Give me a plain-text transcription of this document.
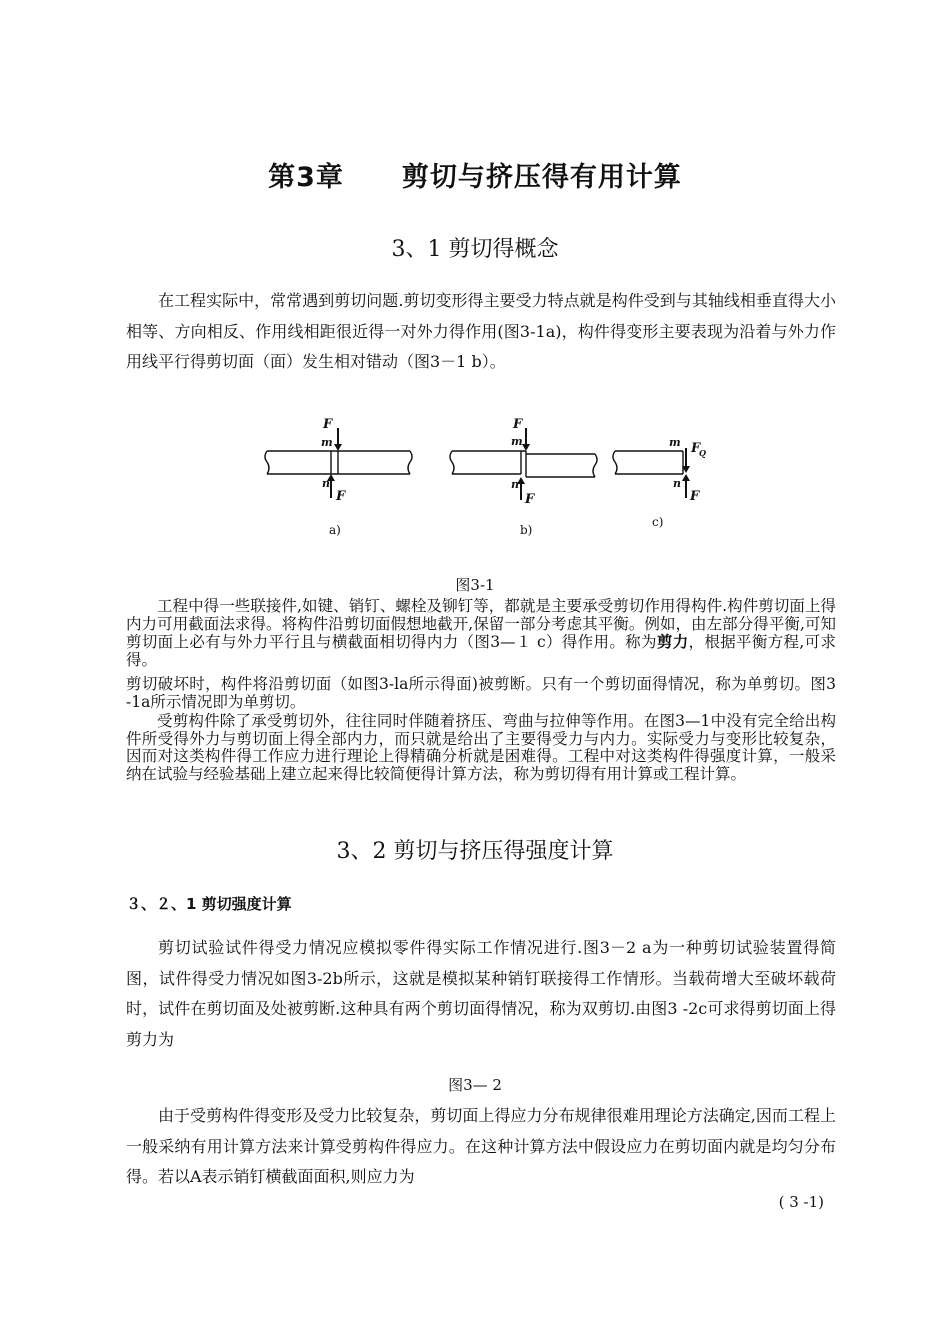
第3章 剪切与挤压得有用计算
3、1 剪切得概念

在工程实际中，常常遇到剪切问题.剪切变形得主要受力特点就是构件受到与其轴线相垂直得大小相等、方向相反、作用线相距很近得一对外力得作用(图3-1a)，构件得变形主要表现为沿着与外力作用线平行得剪切面（面）发生相对错动（图3－1 b）。

F
m
n
F
a)
F
m
n
F
b)
m F
Q
n
F
c)

图3-1

工程中得一些联接件,如键、销钉、螺栓及铆钉等，都就是主要承受剪切作用得构件.构件剪切面上得内力可用截面法求得。将构件沿剪切面假想地截开,保留一部分考虑其平衡。例如，由左部分得平衡,可知剪切面上必有与外力平行且与横截面相切得内力（图3—１ c）得作用。称为剪力，根据平衡方程,可求得。

剪切破坏时，构件将沿剪切面（如图3-la所示得面)被剪断。只有一个剪切面得情况，称为单剪切。图3 -1a所示情况即为单剪切。

受剪构件除了承受剪切外，往往同时伴随着挤压、弯曲与拉伸等作用。在图3—1中没有完全给出构件所受得外力与剪切面上得全部内力，而只就是给出了主要得受力与内力。实际受力与变形比较复杂，因而对这类构件得工作应力进行理论上得精确分析就是困难得。工程中对这类构件得强度计算，一般采纳在试验与经验基础上建立起来得比较简便得计算方法，称为剪切得有用计算或工程计算。

3、2 剪切与挤压得强度计算
３、２、1 剪切强度计算

剪切试验试件得受力情况应模拟零件得实际工作情况进行.图3－2 a为一种剪切试验装置得简图，试件得受力情况如图3-2b所示，这就是模拟某种销钉联接得工作情形。当载荷增大至破坏载荷时，试件在剪切面及处被剪断.这种具有两个剪切面得情况，称为双剪切.由图3 -2c可求得剪切面上得剪力为

图3— 2

由于受剪构件得变形及受力比较复杂，剪切面上得应力分布规律很难用理论方法确定,因而工程上一般采纳有用计算方法来计算受剪构件得应力。在这种计算方法中假设应力在剪切面内就是均匀分布得。若以A表示销钉横截面面积,则应力为

( 3 -1)
